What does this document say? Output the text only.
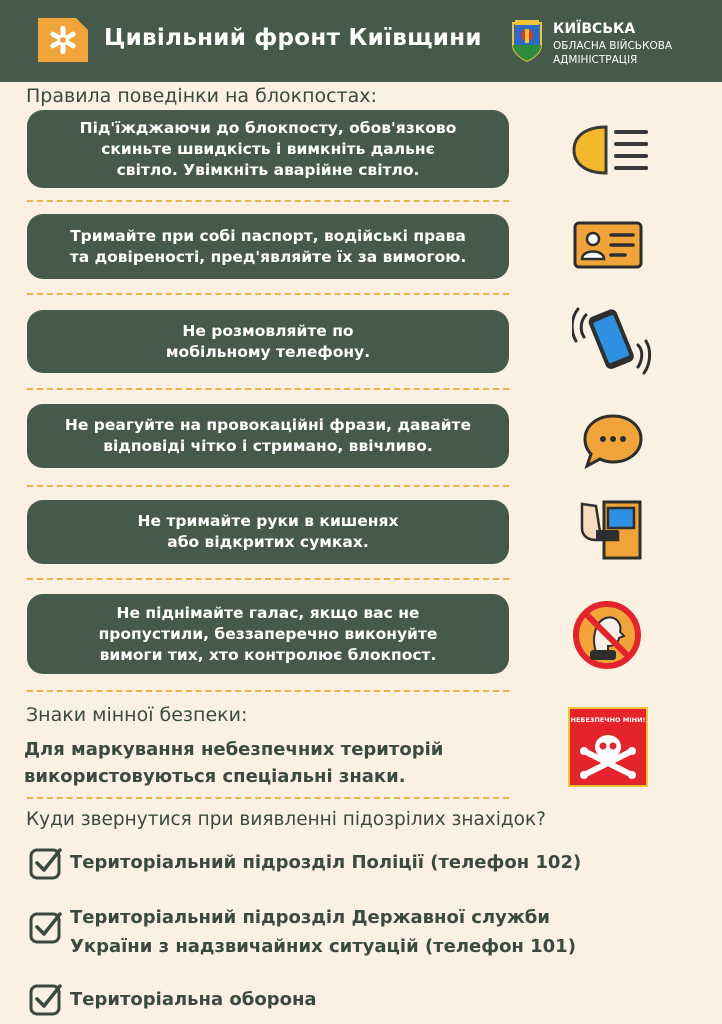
Цивільний фронт Київщини	КИЇВСЬКА
ОБЛАСНА ВІЙСЬКОВА
АДМІНІСТРАЦІЯ
Правила поведінки на блокпостах:
Під'їжджаючи до блокпосту, обов'язково
скиньте швидкість і вимкніть дальнє
світло. Увімкніть аварійне світло.
Тримайте при собі паспорт, водійські права
та довіреності, пред'являйте їх за вимогою.
Не розмовляйте по
мобільному телефону.
Не реагуйте на провокаційні фрази, давайте
відповіді чітко і стримано, ввічливо.
Не тримайте руки в кишенях
або відкритих сумках.
Не піднімайте галас, якщо вас не
пропустили, беззаперечно виконуйте
вимоги тих, хто контролює блокпост.
Знаки мінної безпеки:
Для маркування небезпечних територій
використовуються спеціальні знаки.
НЕБЕЗПЕЧНО МІНИ!
Куди звернутися при виявленні підозрілих знахідок?
Територіальний підрозділ Поліції (телефон 102)
Територіальний підрозділ Державної служби
України з надзвичайних ситуацій (телефон 101)
Територіальна оборона
